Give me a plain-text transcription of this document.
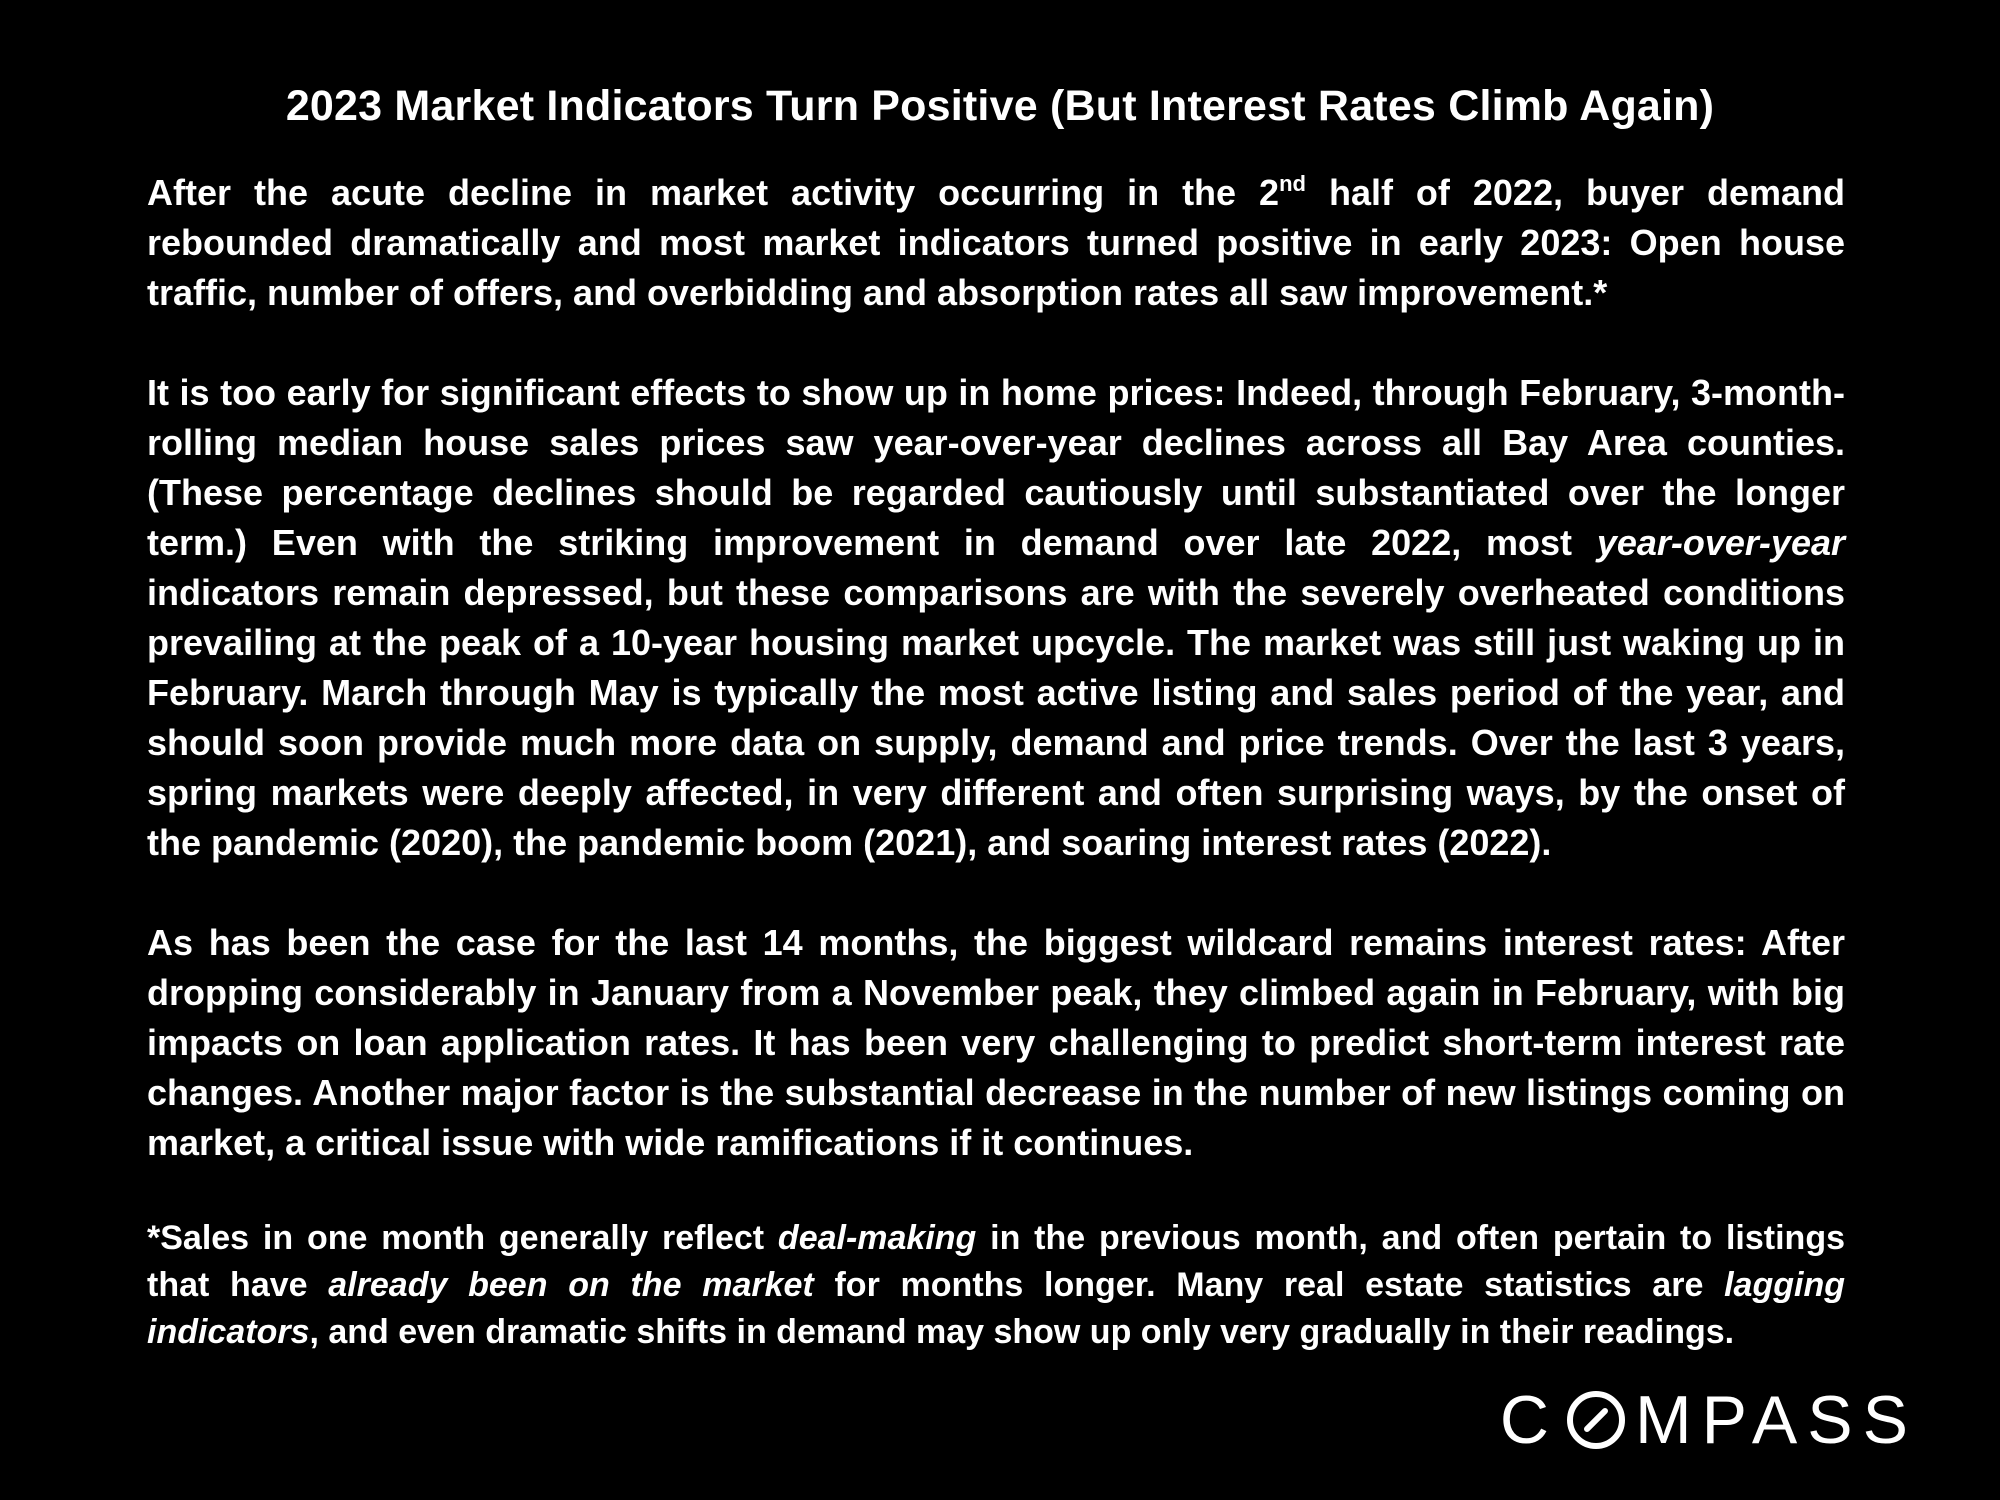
2023 Market Indicators Turn Positive (But Interest Rates Climb Again)

After the acute decline in market activity occurring in the 2nd half of 2022, buyer demand rebounded dramatically and most market indicators turned positive in early 2023: Open house traffic, number of offers, and overbidding and absorption rates all saw improvement.*

It is too early for significant effects to show up in home prices: Indeed, through February, 3-month-rolling median house sales prices saw year-over-year declines across all Bay Area counties. (These percentage declines should be regarded cautiously until substantiated over the longer term.) Even with the striking improvement in demand over late 2022, most year-over-year indicators remain depressed, but these comparisons are with the severely overheated conditions prevailing at the peak of a 10-year housing market upcycle. The market was still just waking up in February. March through May is typically the most active listing and sales period of the year, and should soon provide much more data on supply, demand and price trends. Over the last 3 years, spring markets were deeply affected, in very different and often surprising ways, by the onset of the pandemic (2020), the pandemic boom (2021), and soaring interest rates (2022).

As has been the case for the last 14 months, the biggest wildcard remains interest rates: After dropping considerably in January from a November peak, they climbed again in February, with big impacts on loan application rates. It has been very challenging to predict short-term interest rate changes. Another major factor is the substantial decrease in the number of new listings coming on market, a critical issue with wide ramifications if it continues.

*Sales in one month generally reflect deal-making in the previous month, and often pertain to listings that have already been on the market for months longer. Many real estate statistics are lagging indicators, and even dramatic shifts in demand may show up only very gradually in their readings.

C MPASS
